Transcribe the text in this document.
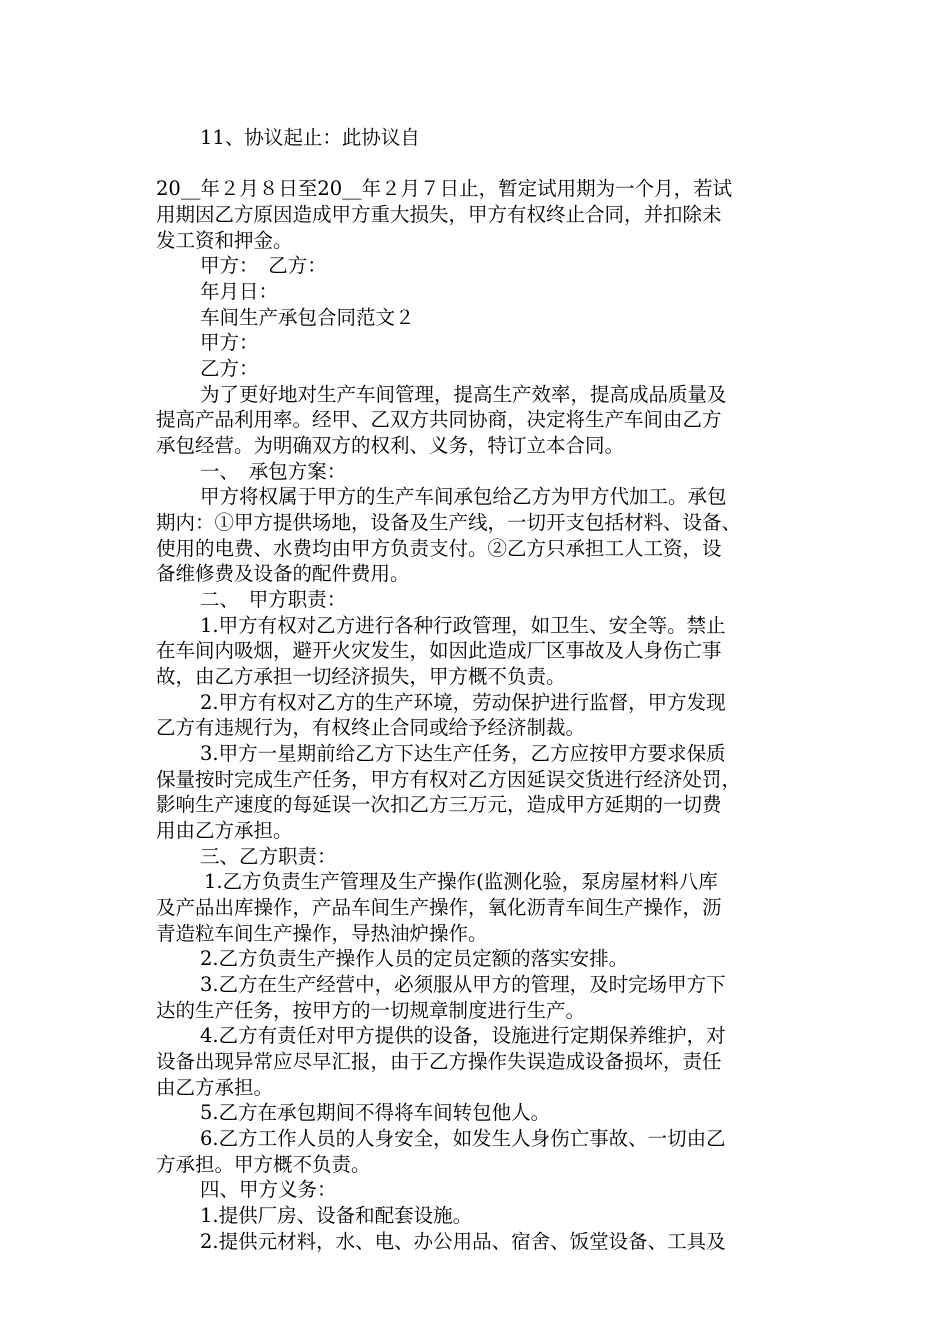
11、协议起止：此协议自
20__年２月８日至20__年２月７日止，暂定试用期为一个月，若试
用期因乙方原因造成甲方重大损失，甲方有权终止合同，并扣除未
发工资和押金。
甲方：　乙方：
年月日：
车间生产承包合同范文２
甲方：
乙方：
为了更好地对生产车间管理，提高生产效率，提高成品质量及
提高产品利用率。经甲、乙双方共同协商，决定将生产车间由乙方
承包经营。为明确双方的权利、义务，特订立本合同。
一、　承包方案：
甲方将权属于甲方的生产车间承包给乙方为甲方代加工。承包
期内：①甲方提供场地，设备及生产线，一切开支包括材料、设备、
使用的电费、水费均由甲方负责支付。②乙方只承担工人工资，设
备维修费及设备的配件费用。
二、　甲方职责：
1.甲方有权对乙方进行各种行政管理，如卫生、安全等。禁止
在车间内吸烟，避开火灾发生，如因此造成厂区事故及人身伤亡事
故，由乙方承担一切经济损失，甲方概不负责。
2.甲方有权对乙方的生产环境，劳动保护进行监督，甲方发现
乙方有违规行为，有权终止合同或给予经济制裁。
3.甲方一星期前给乙方下达生产任务，乙方应按甲方要求保质
保量按时完成生产任务，甲方有权对乙方因延误交货进行经济处罚，
影响生产速度的每延误一次扣乙方三万元，造成甲方延期的一切费
用由乙方承担。
三、乙方职责：
1.乙方负责生产管理及生产操作(监测化验，泵房屋材料八库
及产品出库操作，产品车间生产操作，氧化沥青车间生产操作，沥
青造粒车间生产操作，导热油炉操作。
2.乙方负责生产操作人员的定员定额的落实安排。
3.乙方在生产经营中，必须服从甲方的管理，及时完场甲方下
达的生产任务，按甲方的一切规章制度进行生产。
4.乙方有责任对甲方提供的设备，设施进行定期保养维护，对
设备出现异常应尽早汇报，由于乙方操作失误造成设备损坏，责任
由乙方承担。
5.乙方在承包期间不得将车间转包他人。
6.乙方工作人员的人身安全，如发生人身伤亡事故、一切由乙
方承担。甲方概不负责。
四、甲方义务：
1.提供厂房、设备和配套设施。
2.提供元材料，水、电、办公用品、宿舍、饭堂设备、工具及
